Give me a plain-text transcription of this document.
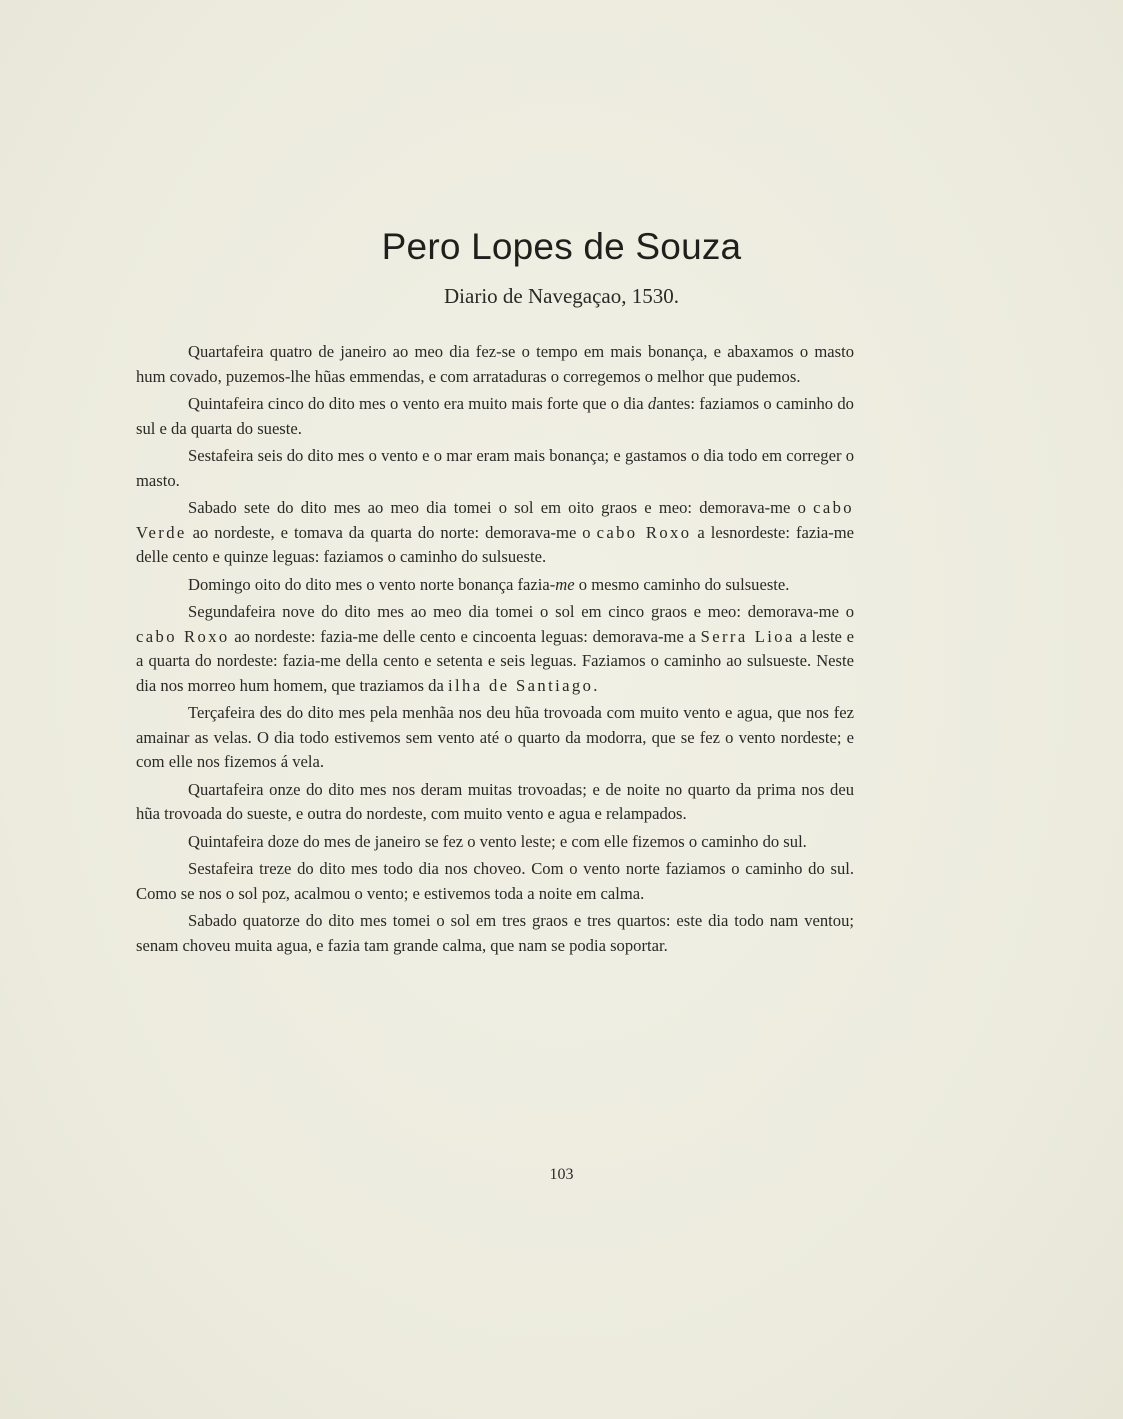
Pero Lopes de Souza
Diario de Navegaçao, 1530.

Quartafeira quatro de janeiro ao meo dia fez-se o tempo em mais bonança, e abaxamos o masto hum covado, puzemos-lhe hũas emmendas, e com arrataduras o corregemos o melhor que pudemos.

Quintafeira cinco do dito mes o vento era muito mais forte que o dia dantes: faziamos o caminho do sul e da quarta do sueste.

Sestafeira seis do dito mes o vento e o mar eram mais bonança; e gastamos o dia todo em correger o masto.

Sabado sete do dito mes ao meo dia tomei o sol em oito graos e meo: demorava-me o cabo Verde ao nordeste, e tomava da quarta do norte: demorava-me o cabo Roxo a lesnordeste: fazia-me delle cento e quinze leguas: faziamos o caminho do sulsueste.

Domingo oito do dito mes o vento norte bonança fazia-me o mesmo caminho do sulsueste.

Segundafeira nove do dito mes ao meo dia tomei o sol em cinco graos e meo: demorava-me o cabo Roxo ao nordeste: fazia-me delle cento e cincoenta leguas: demorava-me a Serra Lioa a leste e a quarta do nordeste: fazia-me della cento e setenta e seis leguas. Faziamos o caminho ao sulsueste. Neste dia nos morreo hum homem, que traziamos da ilha de Santiago.

Terçafeira des do dito mes pela menhãa nos deu hũa trovoada com muito vento e agua, que nos fez amainar as velas. O dia todo estivemos sem vento até o quarto da modorra, que se fez o vento nordeste; e com elle nos fizemos á vela.

Quartafeira onze do dito mes nos deram muitas trovoadas; e de noite no quarto da prima nos deu hũa trovoada do sueste, e outra do nordeste, com muito vento e agua e relampados.

Quintafeira doze do mes de janeiro se fez o vento leste; e com elle fizemos o caminho do sul.

Sestafeira treze do dito mes todo dia nos choveo. Com o vento norte faziamos o caminho do sul. Como se nos o sol poz, acalmou o vento; e estivemos toda a noite em calma.

Sabado quatorze do dito mes tomei o sol em tres graos e tres quartos: este dia todo nam ventou; senam choveu muita agua, e fazia tam grande calma, que nam se podia soportar.

103
